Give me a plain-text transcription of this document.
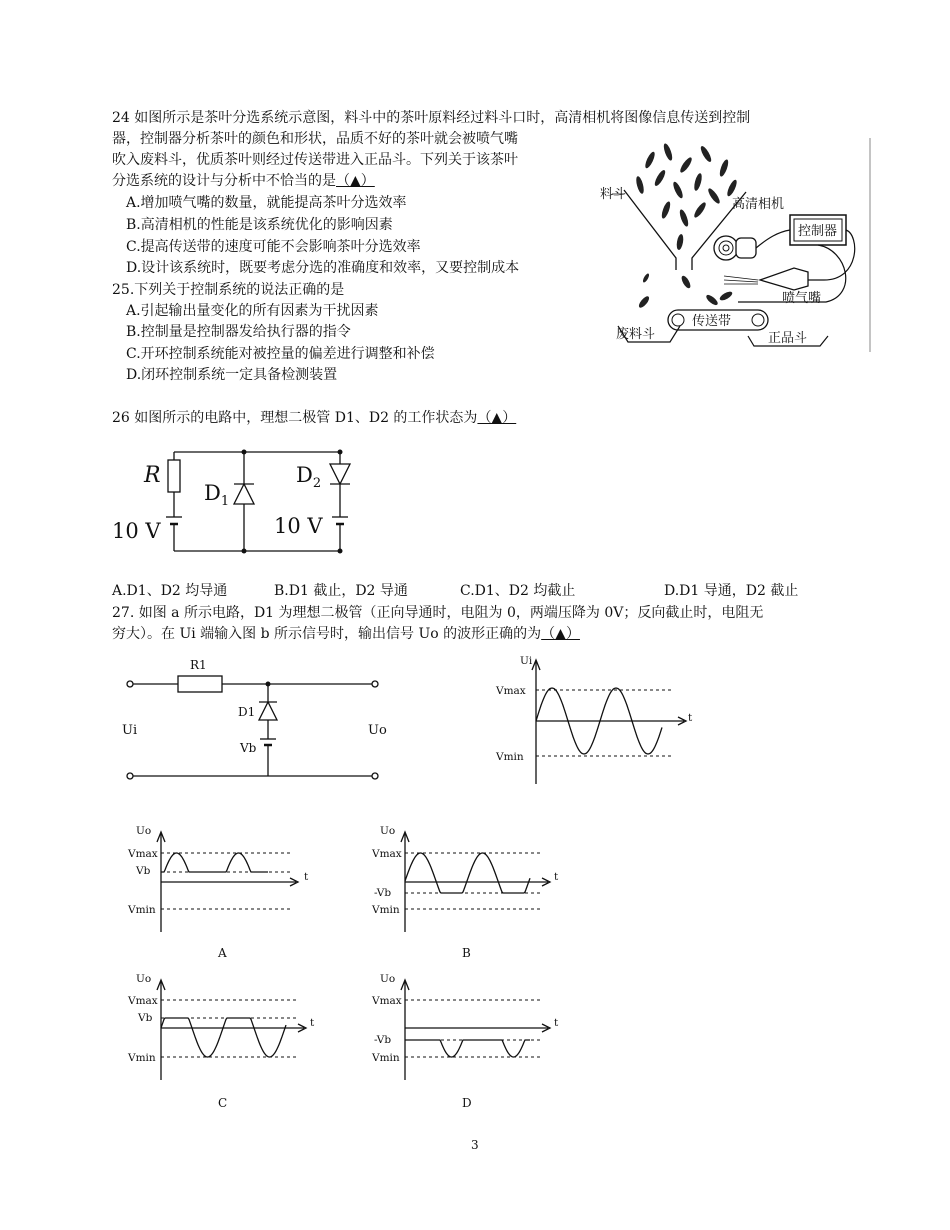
24 如图所示是茶叶分选系统示意图，料斗中的茶叶原料经过料斗口时，高清相机将图像信息传送到控制
器，控制器分析茶叶的颜色和形状，品质不好的茶叶就会被喷气嘴
吹入废料斗，优质茶叶则经过传送带进入正品斗。下列关于该茶叶
分选系统的设计与分析中不恰当的是（▲）
A.增加喷气嘴的数量，就能提高茶叶分选效率
B.高清相机的性能是该系统优化的影响因素
C.提高传送带的速度可能不会影响茶叶分选效率
D.设计该系统时，既要考虑分选的准确度和效率，又要控制成本
料斗
高清相机
控制器
喷气嘴
传送带
废料斗	正品斗
25.下列关于控制系统的说法正确的是
A.引起输出量变化的所有因素为干扰因素
B.控制量是控制器发给执行器的指令
C.开环控制系统能对被控量的偏差进行调整和补偿
D.闭环控制系统一定具备检测装置
26 如图所示的电路中，理想二极管 D1、D2 的工作状态为（▲）
R
$D_1$
$D_2$
10 V	10 V
A.D1、D2 均导通	B.D1 截止，D2 导通	C.D1、D2 均截止	D.D1 导通，D2 截止
27. 如图 a 所示电路，D1 为理想二极管（正向导通时，电阻为 0，两端压降为 0V；反向截止时，电阻无
穷大）。在 Ui 端输入图 b 所示信号时，输出信号 Uo 的波形正确的为（▲）
R1
D1
Vb
Ui	Uo
Ui
t
Vmax
Vmin
Uo
t
Vmax
Vb
Vmin
A
Uo
t
Vmax
-Vb
Vmin
B
Uo
t
Vmax
Vb
Vmin
C
Uo
t
Vmax
-Vb
Vmin
D
3
